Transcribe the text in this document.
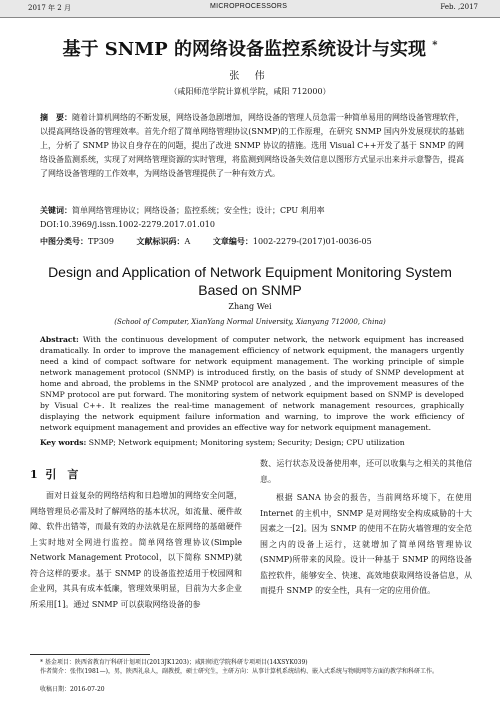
2017 年 2 月	MICROPROCESSORS	Feb. ,2017
基于 SNMP 的网络设备监控系统设计与实现 *
张 伟
（咸阳师范学院计算机学院，咸阳 712000）
摘　要：随着计算机网络的不断发展，网络设备急剧增加，网络设备的管理人员急需一种简单易用的网络设备管理软件，以提高网络设备的管理效率。首先介绍了简单网络管理协议(SNMP)的工作原理，在研究 SNMP 国内外发展现状的基础上，分析了 SNMP 协议自身存在的问题，提出了改进 SNMP 协议的措施。选用 Visual C++开发了基于 SNMP 的网络设备监测系统，实现了对网络管理资源的实时管理，将监测到网络设备失效信息以图形方式显示出来并示意警告，提高了网络设备管理的工作效率，为网络设备管理提供了一种有效方式。
关键词：简单网络管理协议；网络设备；监控系统；安全性；设计；CPU 利用率
DOI:10.3969/j.issn.1002-2279.2017.01.010
中图分类号：TP309	文献标识码：A	文章编号：1002-2279-(2017)01-0036-05
Design and Application of Network Equipment Monitoring System Based on SNMP
Zhang Wei
(School of Computer, XianYang Normal University, Xianyang 712000, China)
Abstract: With the continuous development of computer network, the network equipment has increased dramatically. In order to improve the management efficiency of network equipment, the managers urgently need a kind of compact software for network equipment management. The working principle of simple network management protocol (SNMP) is introduced firstly, on the basis of study of SNMP development at home and abroad, the problems in the SNMP protocol are analyzed , and the improvement measures of the SNMP protocol are put forward. The monitoring system of network equipment based on SNMP is developed by Visual C++. It realizes the real-time management of network management resources, graphically displaying the network equipment failure information and warning, to improve the work efficiency of network equipment management and provides an effective way for network equipment management.
Key words: SNMP; Network equipment; Monitoring system; Security; Design; CPU utilization
1 引　言
面对日益复杂的网络结构和日趋增加的网络安全问题，网络管理员必需及时了解网络的基本状况，如流量、硬件故障、软件出错等，而最有效的办法就是在原网络的基础硬件上实时地对全网进行监控。简单网络管理协议(Simple Network Management Protocol，以下简称 SNMP)就符合这样的要求。基于 SNMP 的设备监控适用于校园网和企业网，其具有成本低廉，管理效果明显，目前为大多企业所采用[1]。通过 SNMP 可以获取网络设备的参
数、运行状态及设备使用率，还可以收集与之相关的其他信息。
根据 SANA 协会的报告，当前网络环境下，在使用 Internet 的主机中，SNMP 是对网络安全构成威胁的十大因素之一[2]。因为 SNMP 的使用不在防火墙管理的安全范围之内的设备上运行，这就增加了简单网络管理协议(SNMP)所带来的风险。设计一种基于 SNMP 的网络设备监控软件，能够安全、快速、高效地获取网络设备信息，从而提升 SNMP 的安全性，具有一定的应用价值。
* 基金项目：陕西省教育厅科研计划项目(2013JK1203)；咸阳师范学院科研专项项目(14XSYK039)
作者简介：张伟(1981—)，男，陕西礼泉人，副教授，硕士研究生，主研方向：从事计算机系统结构、嵌入式系统与物联网等方面的教学和科研工作。
收稿日期：2016-07-20
